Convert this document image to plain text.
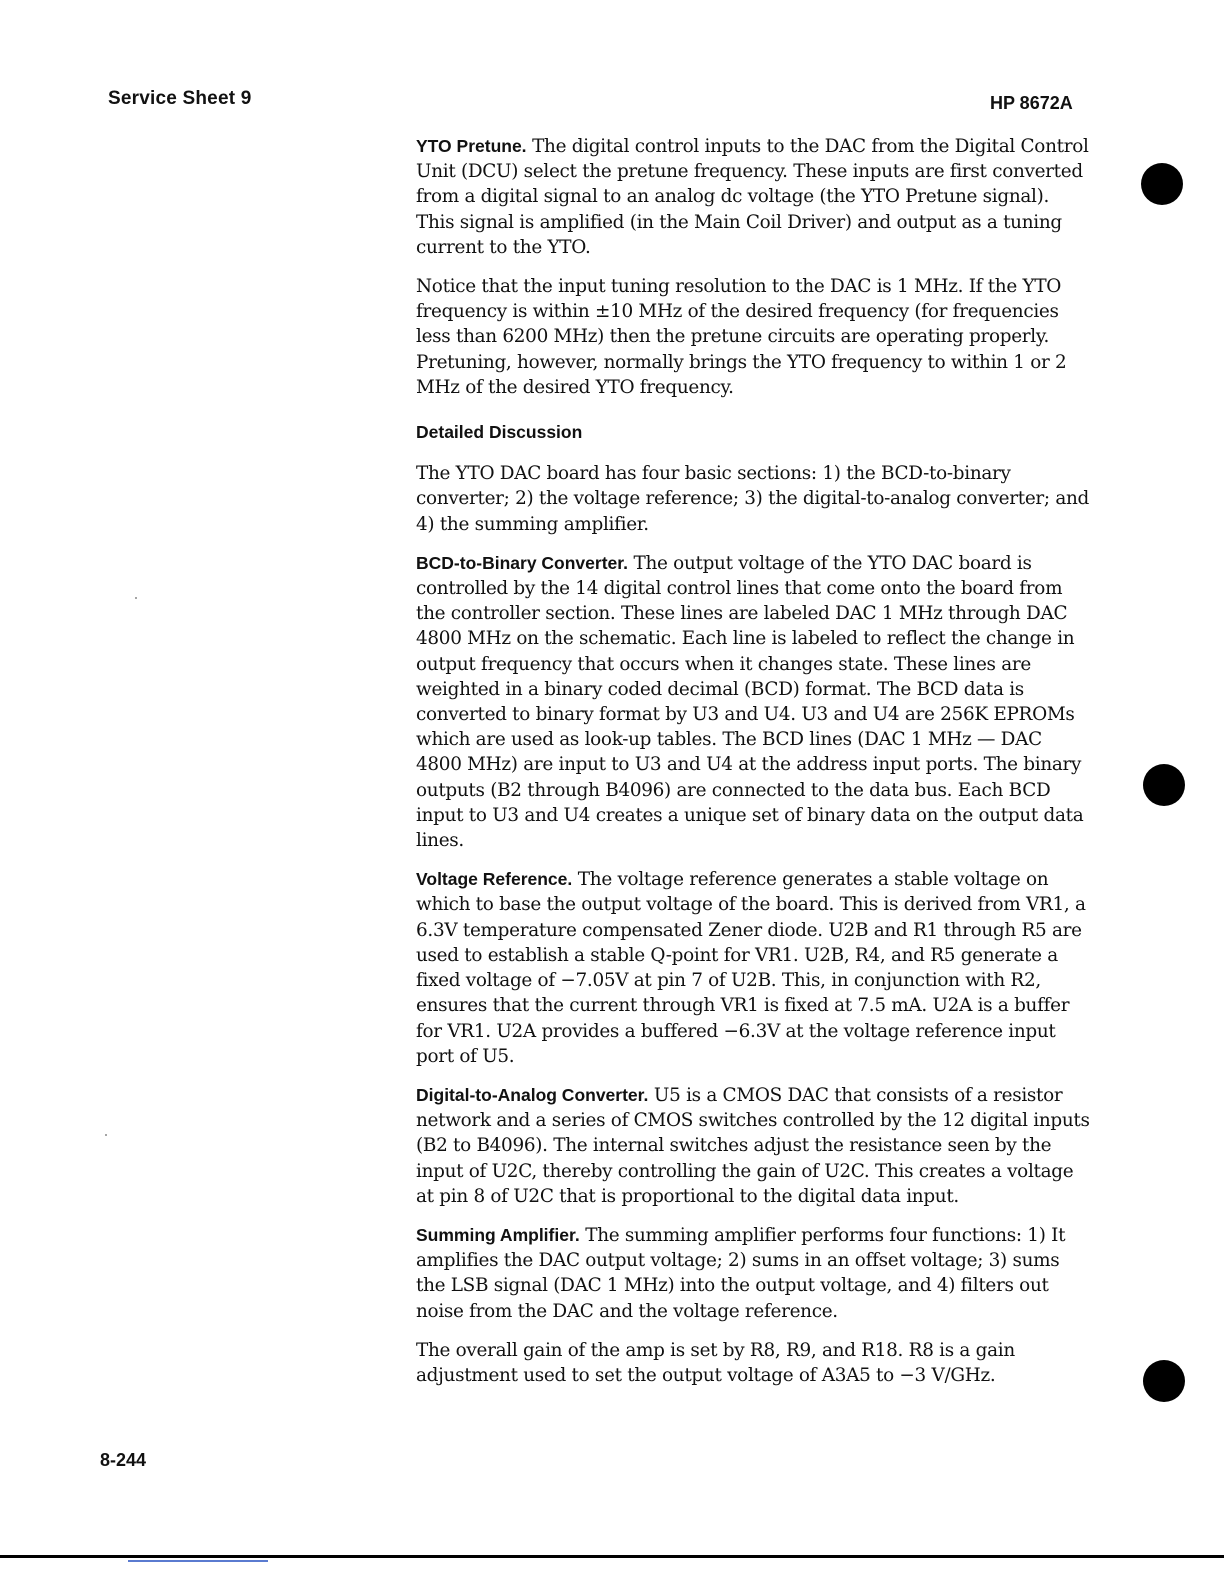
Service Sheet 9	HP 8672A

YTO Pretune. The digital control inputs to the DAC from the Digital Control Unit (DCU) select the pretune frequency. These inputs are first converted from a digital signal to an analog dc voltage (the YTO Pretune signal). This signal is amplified (in the Main Coil Driver) and output as a tuning current to the YTO.

Notice that the input tuning resolution to the DAC is 1 MHz. If the YTO frequency is within ±10 MHz of the desired frequency (for frequencies less than 6200 MHz) then the pretune circuits are operating properly. Pretuning, however, normally brings the YTO frequency to within 1 or 2 MHz of the desired YTO frequency.

Detailed Discussion

The YTO DAC board has four basic sections: 1) the BCD-to-binary converter; 2) the voltage reference; 3) the digital-to-analog converter; and 4) the summing amplifier.

BCD-to-Binary Converter. The output voltage of the YTO DAC board is controlled by the 14 digital control lines that come onto the board from the controller section. These lines are labeled DAC 1 MHz through DAC 4800 MHz on the schematic. Each line is labeled to reflect the change in output frequency that occurs when it changes state. These lines are weighted in a binary coded decimal (BCD) format. The BCD data is converted to binary format by U3 and U4. U3 and U4 are 256K EPROMs which are used as look-up tables. The BCD lines (DAC 1 MHz — DAC 4800 MHz) are input to U3 and U4 at the address input ports. The binary outputs (B2 through B4096) are connected to the data bus. Each BCD input to U3 and U4 creates a unique set of binary data on the output data lines.

Voltage Reference. The voltage reference generates a stable voltage on which to base the output voltage of the board. This is derived from VR1, a 6.3V temperature compensated Zener diode. U2B and R1 through R5 are used to establish a stable Q-point for VR1. U2B, R4, and R5 generate a fixed voltage of −7.05V at pin 7 of U2B. This, in conjunction with R2, ensures that the current through VR1 is fixed at 7.5 mA. U2A is a buffer for VR1. U2A provides a buffered −6.3V at the voltage reference input port of U5.

Digital-to-Analog Converter. U5 is a CMOS DAC that consists of a resistor network and a series of CMOS switches controlled by the 12 digital inputs (B2 to B4096). The internal switches adjust the resistance seen by the input of U2C, thereby controlling the gain of U2C. This creates a voltage at pin 8 of U2C that is proportional to the digital data input.

Summing Amplifier. The summing amplifier performs four functions: 1) It amplifies the DAC output voltage; 2) sums in an offset voltage; 3) sums the LSB signal (DAC 1 MHz) into the output voltage, and 4) filters out noise from the DAC and the voltage reference.

The overall gain of the amp is set by R8, R9, and R18. R8 is a gain adjustment used to set the output voltage of A3A5 to −3 V/GHz.

8-244
